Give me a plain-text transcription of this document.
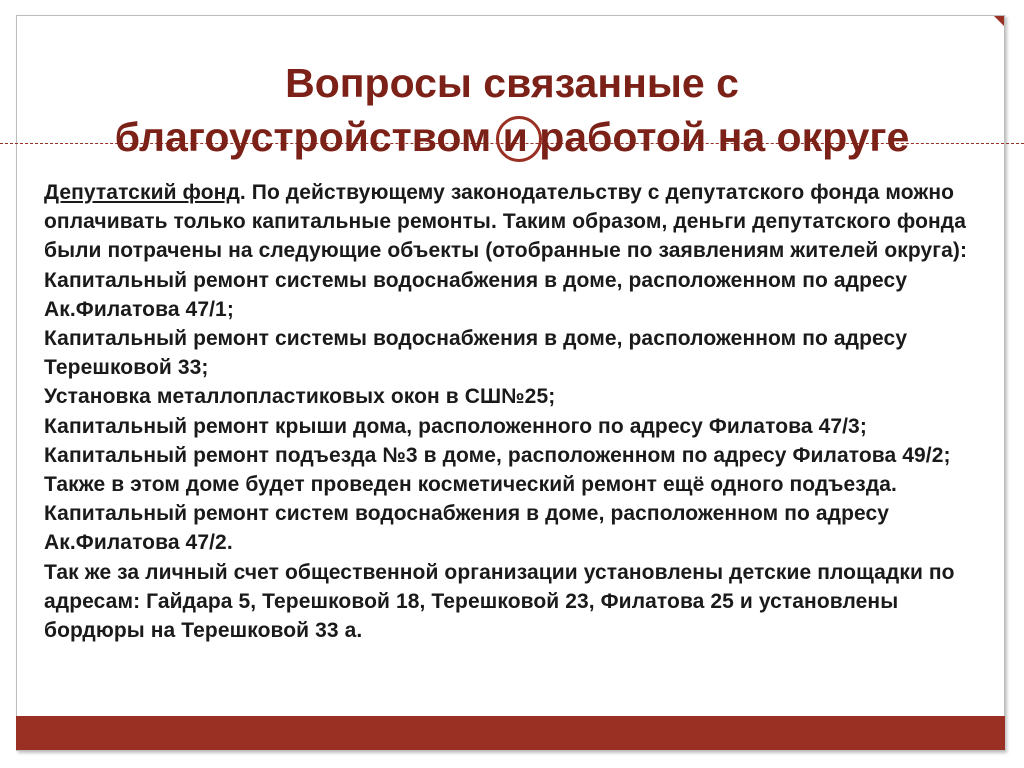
Вопросы связанные с
благоустройством и работой на округе

Депутатский фонд. По действующему законодательству с депутатского фонда можно оплачивать только капитальные ремонты. Таким образом, деньги депутатского фонда были потрачены на следующие объекты (отобранные по заявлениям жителей округа):

Капитальный ремонт системы водоснабжения в доме, расположенном по адресу Ак.Филатова 47/1;

Капитальный ремонт системы водоснабжения в доме, расположенном по адресу Терешковой 33;

Установка металлопластиковых окон в СШ№25;

Капитальный ремонт крыши дома, расположенного по адресу Филатова 47/3;

Капитальный ремонт подъезда №3 в доме, расположенном по адресу Филатова 49/2; Также в этом доме будет проведен косметический ремонт ещё одного подъезда.

Капитальный ремонт систем водоснабжения в доме, расположенном по адресу Ак.Филатова 47/2.

Так же за личный счет общественной организации установлены детские площадки по адресам: Гайдара 5, Терешковой 18, Терешковой 23, Филатова 25 и установлены бордюры на Терешковой 33 а.
